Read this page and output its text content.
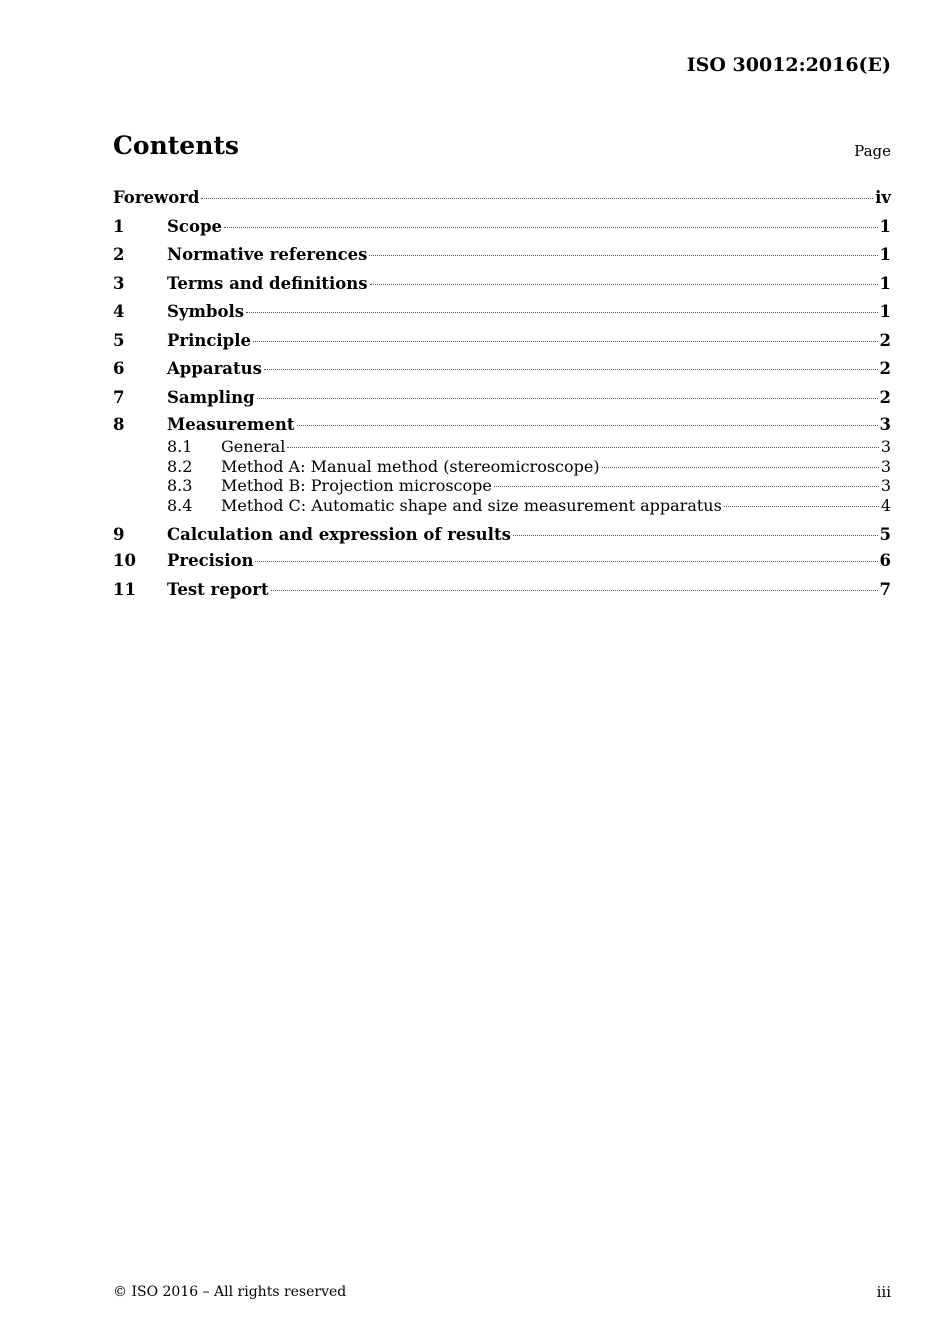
ISO 30012:2016(E)
Contents	Page
Foreword	iv
1	Scope	1
2	Normative references	1
3	Terms and definitions	1
4	Symbols	1
5	Principle	2
6	Apparatus	2
7	Sampling	2
8	Measurement	3
8.1	General	3
8.2	Method A: Manual method (stereomicroscope)	3
8.3	Method B: Projection microscope	3
8.4	Method C: Automatic shape and size measurement apparatus	4
9	Calculation and expression of results	5
10	Precision	6
11	Test report	7
© ISO 2016 – All rights reserved	iii
